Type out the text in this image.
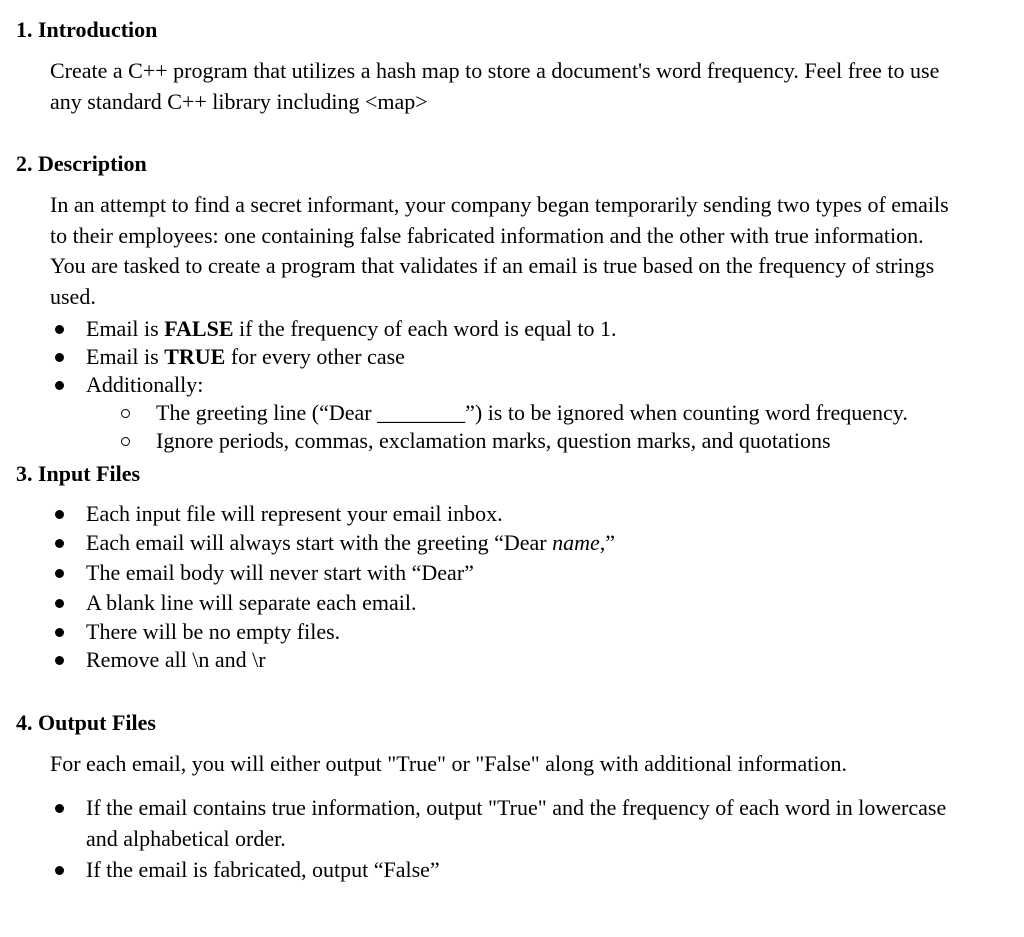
1. Introduction

Create a C++ program that utilizes a hash map to store a document's word frequency. Feel free to use any standard C++ library including <map>

2. Description

In an attempt to find a secret informant, your company began temporarily sending two types of emails to their employees: one containing false fabricated information and the other with true information. You are tasked to create a program that validates if an email is true based on the frequency of strings used.

Email is FALSE if the frequency of each word is equal to 1.

Email is TRUE for every other case

Additionally:

The greeting line (“Dear ________”) is to be ignored when counting word frequency.

Ignore periods, commas, exclamation marks, question marks, and quotations

3. Input Files

Each input file will represent your email inbox.

Each email will always start with the greeting “Dear name,”

The email body will never start with “Dear”

A blank line will separate each email.

There will be no empty files.

Remove all \n and \r

4. Output Files

For each email, you will either output "True" or "False" along with additional information.

If the email contains true information, output "True" and the frequency of each word in lowercase and alphabetical order.

If the email is fabricated, output “False”
